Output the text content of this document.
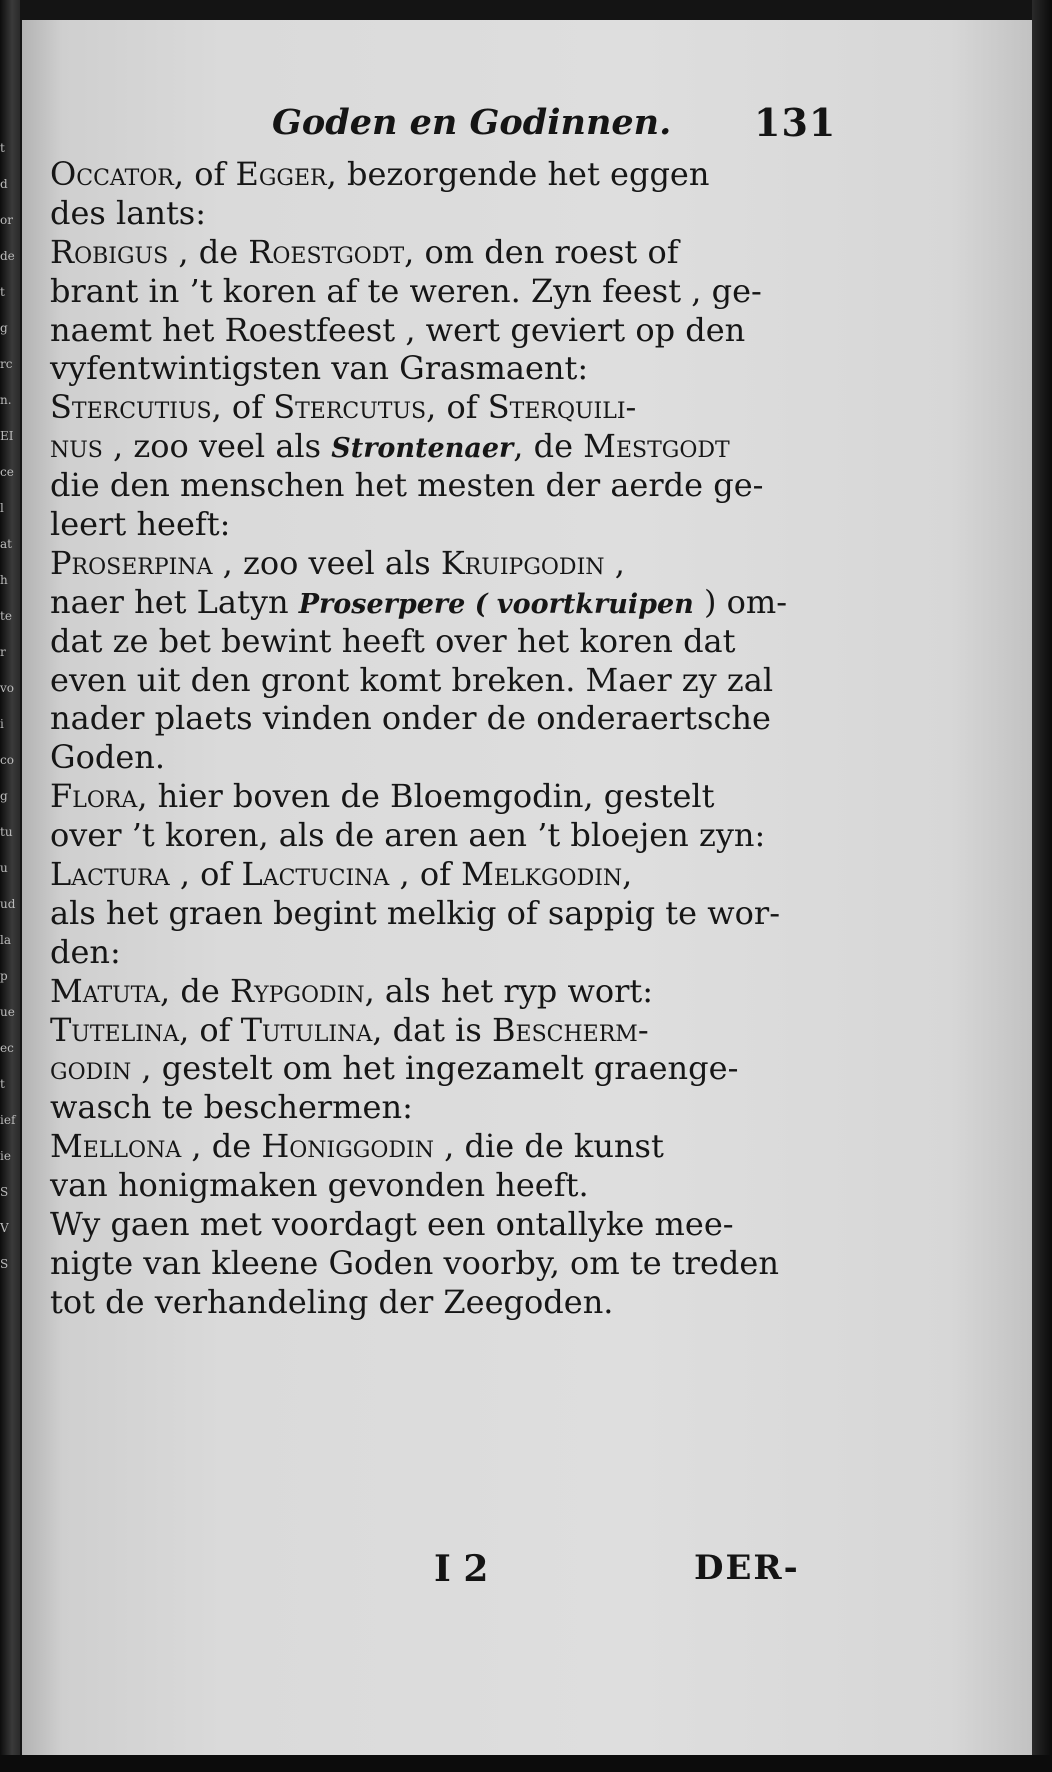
t d
or
de
t g
rc
n.
EI
cel
ath
ter
voi
cog
tuu
ud
la
p
ue
ect
ief
ie
S
V
S
Goden en Godinnen. 131
Occator, of Egger, bezorgende het eggen
des lants:
Robigus , de Roestgodt, om den roest of
brant in ’t koren af te weren. Zyn feest , ge-
naemt het Roestfeest , wert geviert op den
vyfentwintigsten van Grasmaent:
Stercutius, of Stercutus, of Sterquili-
nus , zoo veel als Strontenaer, de Mestgodt
die den menschen het mesten der aerde ge-
leert heeft:
Proserpina , zoo veel als Kruipgodin ,
naer het Latyn Proserpere ( voortkruipen ) om-
dat ze bet bewint heeft over het koren dat
even uit den gront komt breken. Maer zy zal
nader plaets vinden onder de onderaertsche
Goden.
Flora, hier boven de Bloemgodin, gestelt
over ’t koren, als de aren aen ’t bloejen zyn:
Lactura , of Lactucina , of Melkgodin,
als het graen begint melkig of sappig te wor-
den:
Matuta, de Rypgodin, als het ryp wort:
Tutelina, of Tutulina, dat is Bescherm-
godin , gestelt om het ingezamelt graenge-
wasch te beschermen:
Mellona , de Honiggodin , die de kunst
van honigmaken gevonden heeft.
Wy gaen met voordagt een ontallyke mee-
nigte van kleene Goden voorby, om te treden
tot de verhandeling der Zeegoden.
I 2	DER-
